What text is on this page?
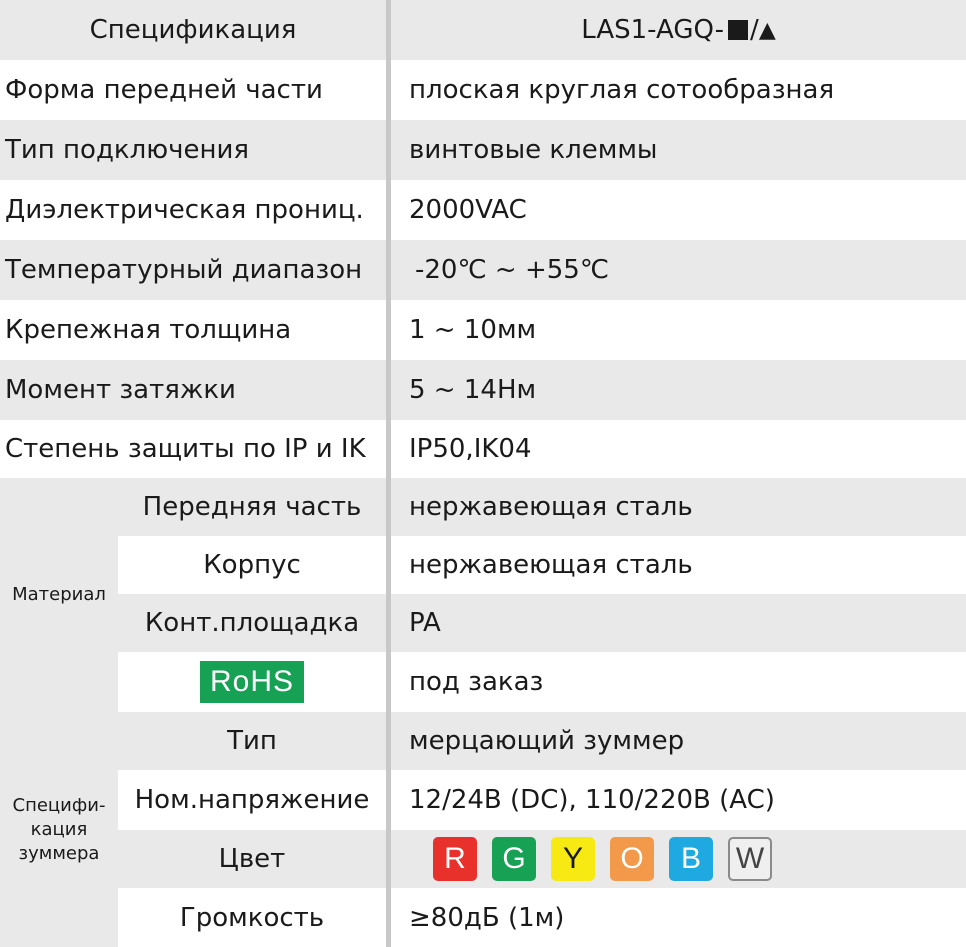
Спецификация	LAS1-AGQ- / ▲
Форма передней части	плоская круглая сотообразная
Тип подключения	винтовые клеммы
Диэлектрическая прониц.	2000VAC
Температурный диапазон	-20℃ ~ +55℃
Крепежная толщина	1 ~ 10мм
Момент затяжки	5 ~ 14Нм
Степень защиты по IP и IK	IP50,IK04
Материал
Передняя часть	нержавеющая сталь
Корпус	нержавеющая сталь
Конт.площадка	PA
RoHS	под заказ
Специфи-
кация
зуммера
Тип	мерцающий зуммер
Ном.напряжение	12/24В (DC), 110/220В (AC)
Цвет	R	G	Y	O	B	W
Громкость	≥80дБ (1м)
